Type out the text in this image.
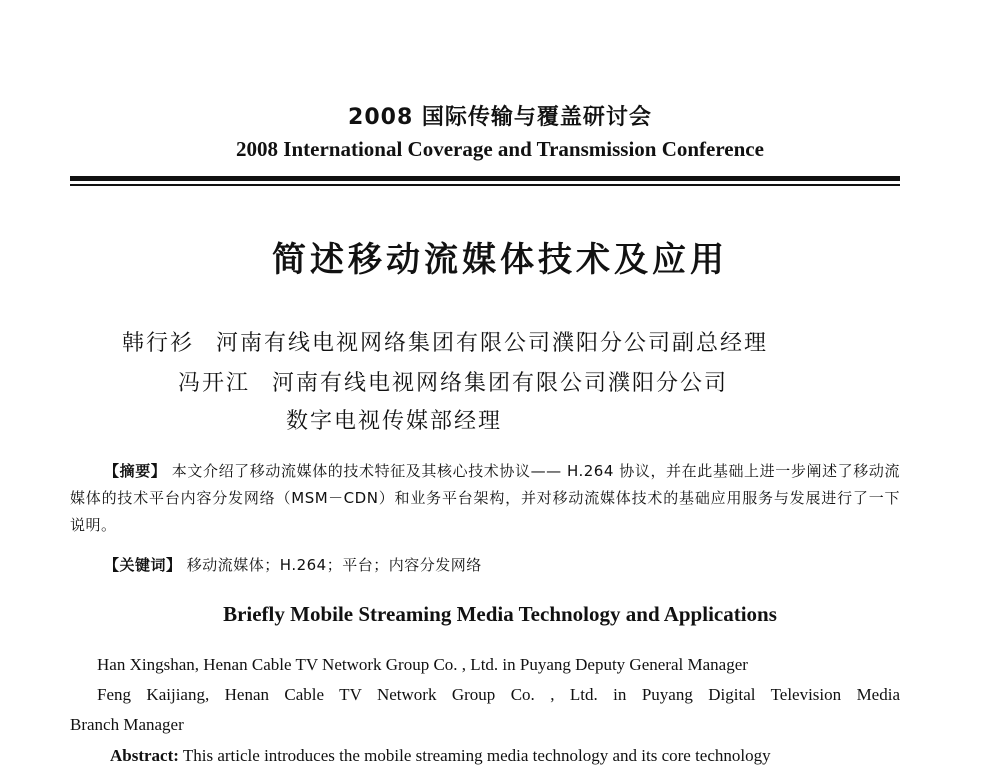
2008 国际传输与覆盖研讨会
2008 International Coverage and Transmission Conference
简述移动流媒体技术及应用
韩行衫 河南有线电视网络集团有限公司濮阳分公司副总经理
冯开江 河南有线电视网络集团有限公司濮阳分公司
数字电视传媒部经理
【摘要】 本文介绍了移动流媒体的技术特征及其核心技术协议—— H.264 协议，并在此基础上进一步阐述了移动流媒体的技术平台内容分发网络（MSM－CDN）和业务平台架构，并对移动流媒体技术的基础应用服务与发展进行了一下说明。
【关键词】 移动流媒体；H.264；平台；内容分发网络
Briefly Mobile Streaming Media Technology and Applications
Han Xingshan, Henan Cable TV Network Group Co. , Ltd. in Puyang Deputy General Manager
Feng Kaijiang, Henan Cable TV Network Group Co. , Ltd. in Puyang Digital Television Media
Branch Manager
Abstract: This article introduces the mobile streaming media technology and its core technology
